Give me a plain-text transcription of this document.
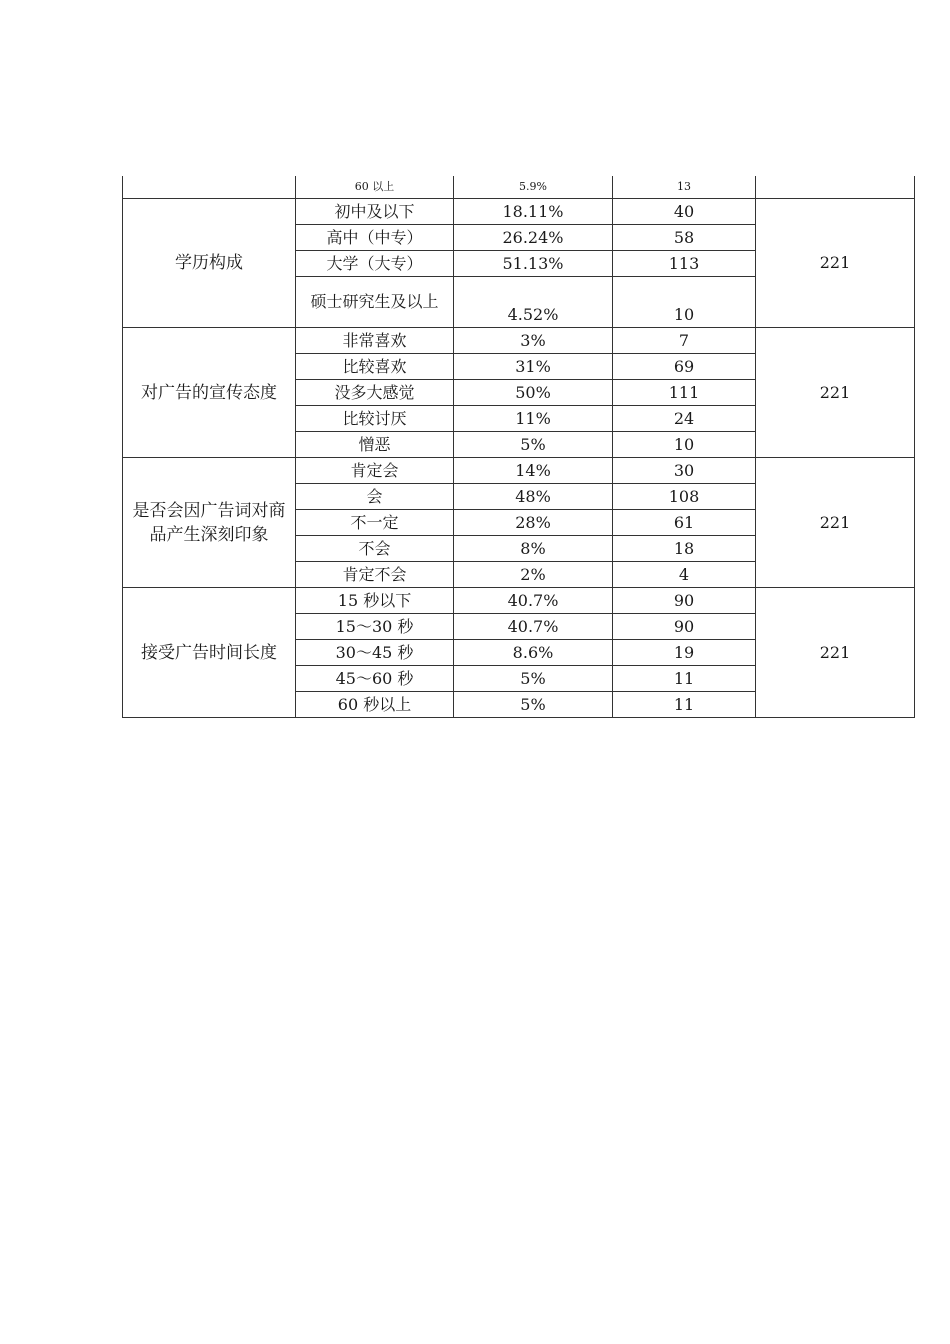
	60 以上	5.9%	13	
学历构成	初中及以下	18.11%	40	221
	高中（中专）	26.24%	58	
	大学（大专）	51.13%	113	
	硕士研究生及以上	4.52%	10	
对广告的宣传态度	非常喜欢	3%	7	221
	比较喜欢	31%	69	
	没多大感觉	50%	111	
	比较讨厌	11%	24	
	憎恶	5%	10	
是否会因广告词对商品产生深刻印象	肯定会	14%	30	221
	会	48%	108	
	不一定	28%	61	
	不会	8%	18	
	肯定不会	2%	4	
接受广告时间长度	15 秒以下	40.7%	90	221
	15～30 秒	40.7%	90	
	30～45 秒	8.6%	19	
	45～60 秒	5%	11	
	60 秒以上	5%	11	
